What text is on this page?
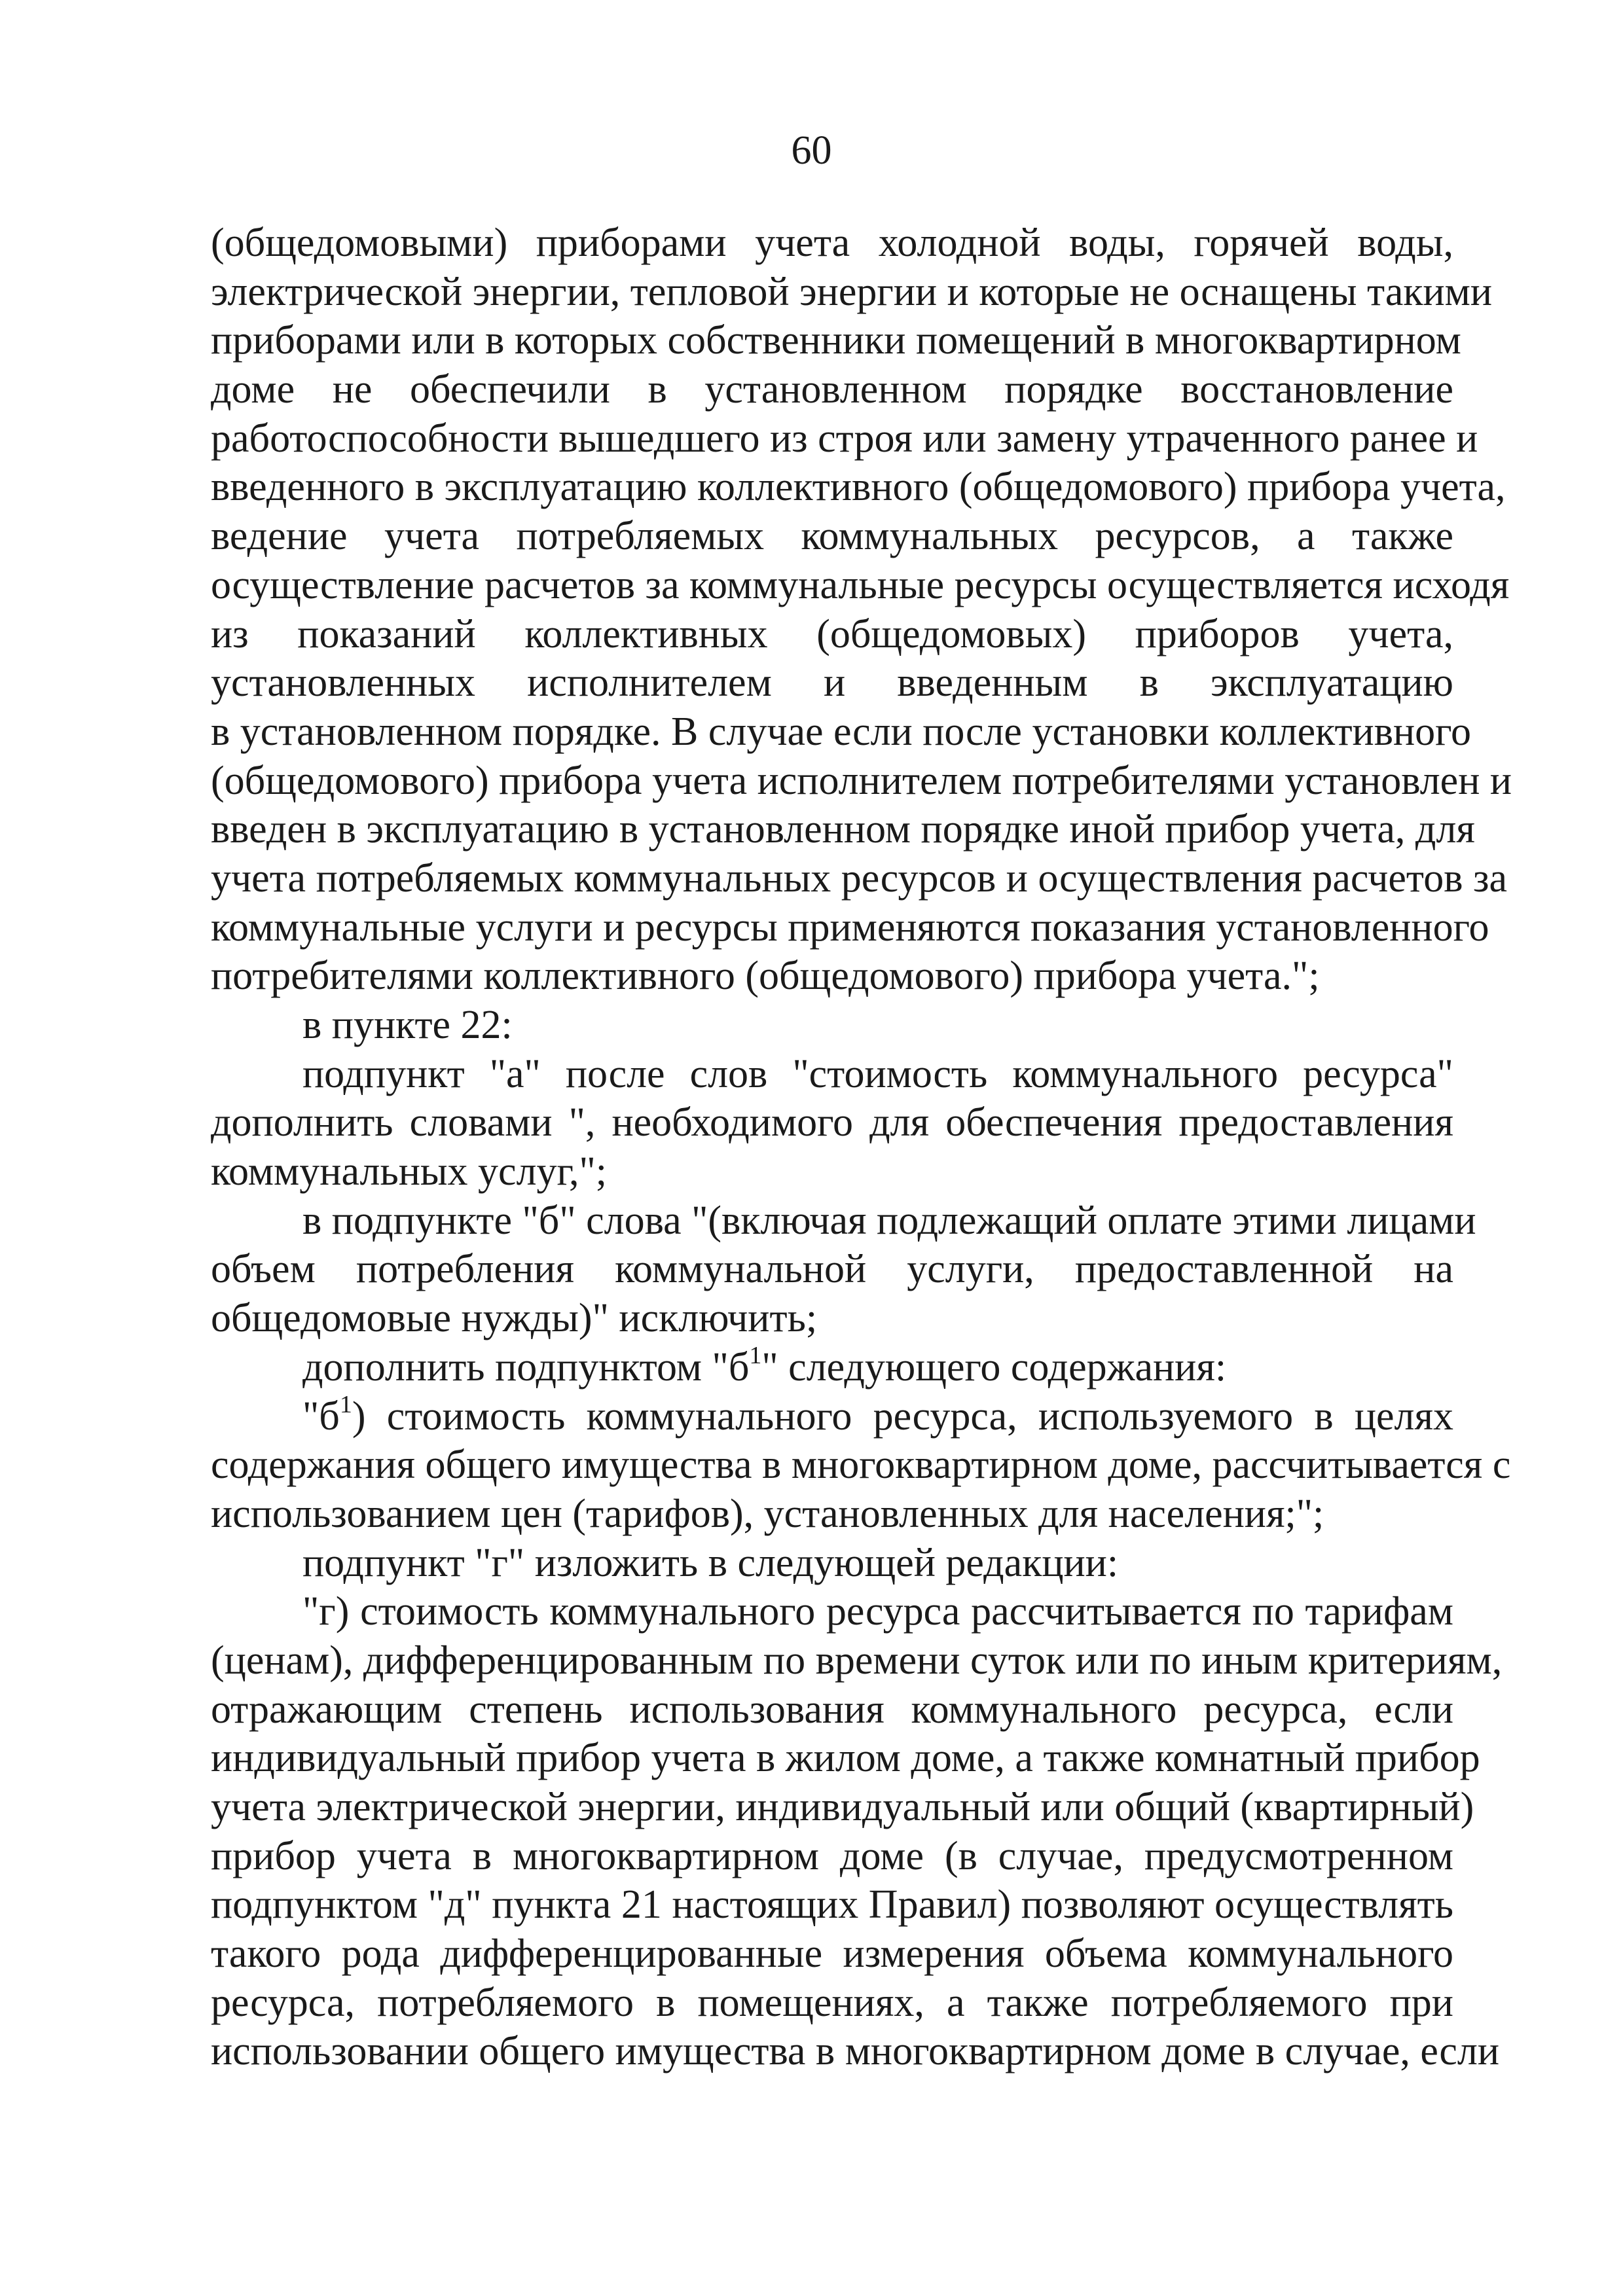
60
(общедомовыми) приборами учета холодной воды, горячей воды,
электрической энергии, тепловой энергии и которые не оснащены такими
приборами или в которых собственники помещений в многоквартирном
доме не обеспечили в установленном порядке восстановление
работоспособности вышедшего из строя или замену утраченного ранее и
введенного в эксплуатацию коллективного (общедомового) прибора учета,
ведение учета потребляемых коммунальных ресурсов, а также
осуществление расчетов за коммунальные ресурсы осуществляется исходя
из показаний коллективных (общедомовых) приборов учета,
установленных исполнителем и введенным в эксплуатацию
в установленном порядке. В случае если после установки коллективного
(общедомового) прибора учета исполнителем потребителями установлен и
введен в эксплуатацию в установленном порядке иной прибор учета, для
учета потребляемых коммунальных ресурсов и осуществления расчетов за
коммунальные услуги и ресурсы применяются показания установленного
потребителями коллективного (общедомового) прибора учета.";
в пункте 22:
подпункт "а" после слов "стоимость коммунального ресурса"
дополнить словами ", необходимого для обеспечения предоставления
коммунальных услуг,";
в подпункте "б" слова "(включая подлежащий оплате этими лицами
объем потребления коммунальной услуги, предоставленной на
общедомовые нужды)" исключить;
дополнить подпунктом "$б^1$" следующего содержания:
"$б^1$) стоимость коммунального ресурса, используемого в целях
содержания общего имущества в многоквартирном доме, рассчитывается с
использованием цен (тарифов), установленных для населения;";
подпункт "г" изложить в следующей редакции:
"г) стоимость коммунального ресурса рассчитывается по тарифам
(ценам), дифференцированным по времени суток или по иным критериям,
отражающим степень использования коммунального ресурса, если
индивидуальный прибор учета в жилом доме, а также комнатный прибор
учета электрической энергии, индивидуальный или общий (квартирный)
прибор учета в многоквартирном доме (в случае, предусмотренном
подпунктом "д" пункта 21 настоящих Правил) позволяют осуществлять
такого рода дифференцированные измерения объема коммунального
ресурса, потребляемого в помещениях, а также потребляемого при
использовании общего имущества в многоквартирном доме в случае, если
